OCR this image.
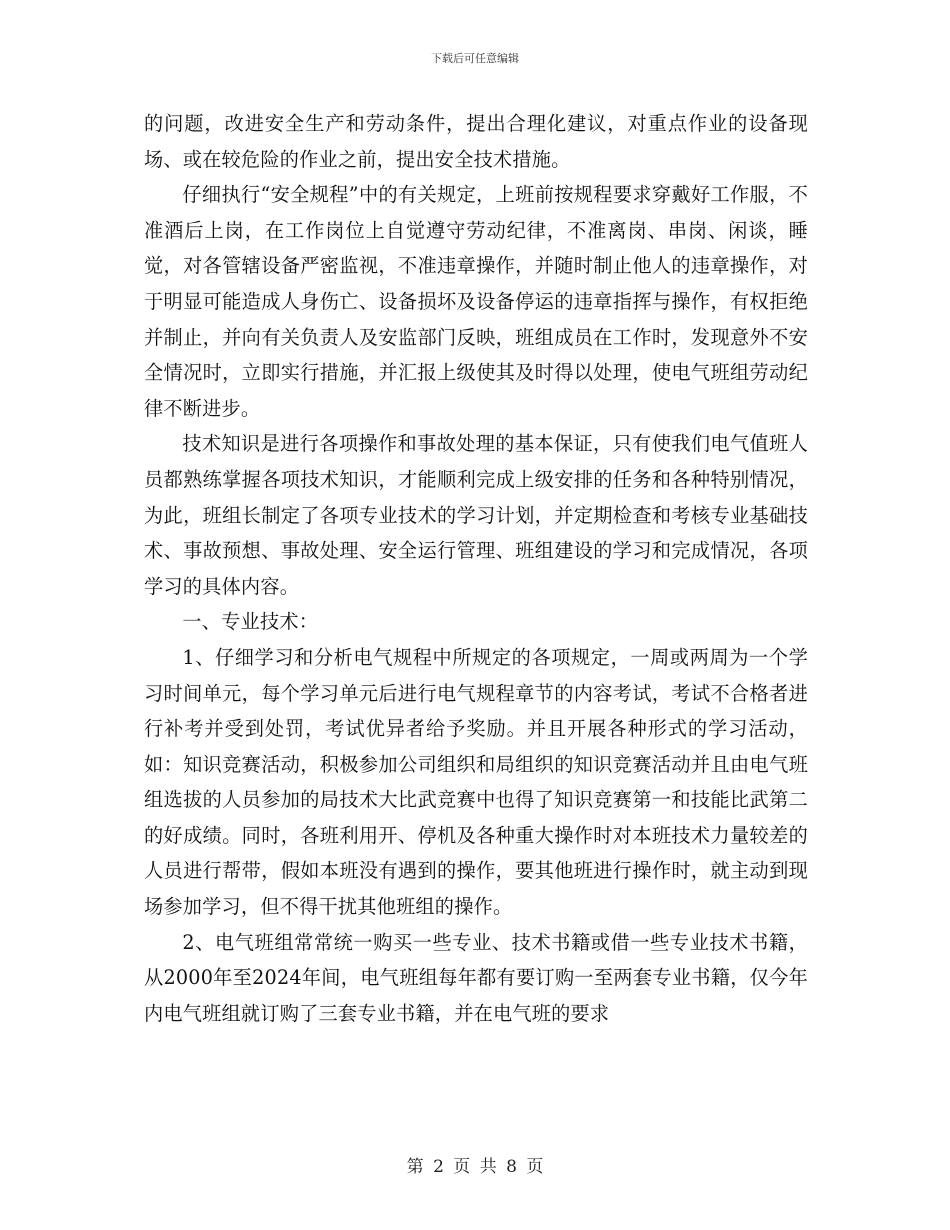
下载后可任意编辑

的问题，改进安全生产和劳动条件，提出合理化建议，对重点作业的设备现场、或在较危险的作业之前，提出安全技术措施。

仔细执行“安全规程”中的有关规定，上班前按规程要求穿戴好工作服，不准酒后上岗，在工作岗位上自觉遵守劳动纪律，不准离岗、串岗、闲谈，睡觉，对各管辖设备严密监视，不准违章操作，并随时制止他人的违章操作，对于明显可能造成人身伤亡、设备损坏及设备停运的违章指挥与操作，有权拒绝并制止，并向有关负责人及安监部门反映，班组成员在工作时，发现意外不安全情况时，立即实行措施，并汇报上级使其及时得以处理，使电气班组劳动纪律不断进步。

技术知识是进行各项操作和事故处理的基本保证，只有使我们电气值班人员都熟练掌握各项技术知识，才能顺利完成上级安排的任务和各种特别情况，为此，班组长制定了各项专业技术的学习计划，并定期检查和考核专业基础技术、事故预想、事故处理、安全运行管理、班组建设的学习和完成情况，各项学习的具体内容。

一、专业技术：

1、仔细学习和分析电气规程中所规定的各项规定，一周或两周为一个学习时间单元，每个学习单元后进行电气规程章节的内容考试，考试不合格者进行补考并受到处罚，考试优异者给予奖励。并且开展各种形式的学习活动，如：知识竞赛活动，积极参加公司组织和局组织的知识竞赛活动并且由电气班组选拔的人员参加的局技术大比武竞赛中也得了知识竞赛第一和技能比武第二的好成绩。同时，各班利用开、停机及各种重大操作时对本班技术力量较差的人员进行帮带，假如本班没有遇到的操作，要其他班进行操作时，就主动到现场参加学习，但不得干扰其他班组的操作。

2、电气班组常常统一购买一些专业、技术书籍或借一些专业技术书籍，从2000年至2024年间，电气班组每年都有要订购一至两套专业书籍，仅今年内电气班组就订购了三套专业书籍，并在电气班的要求

第 2 页 共 8 页
